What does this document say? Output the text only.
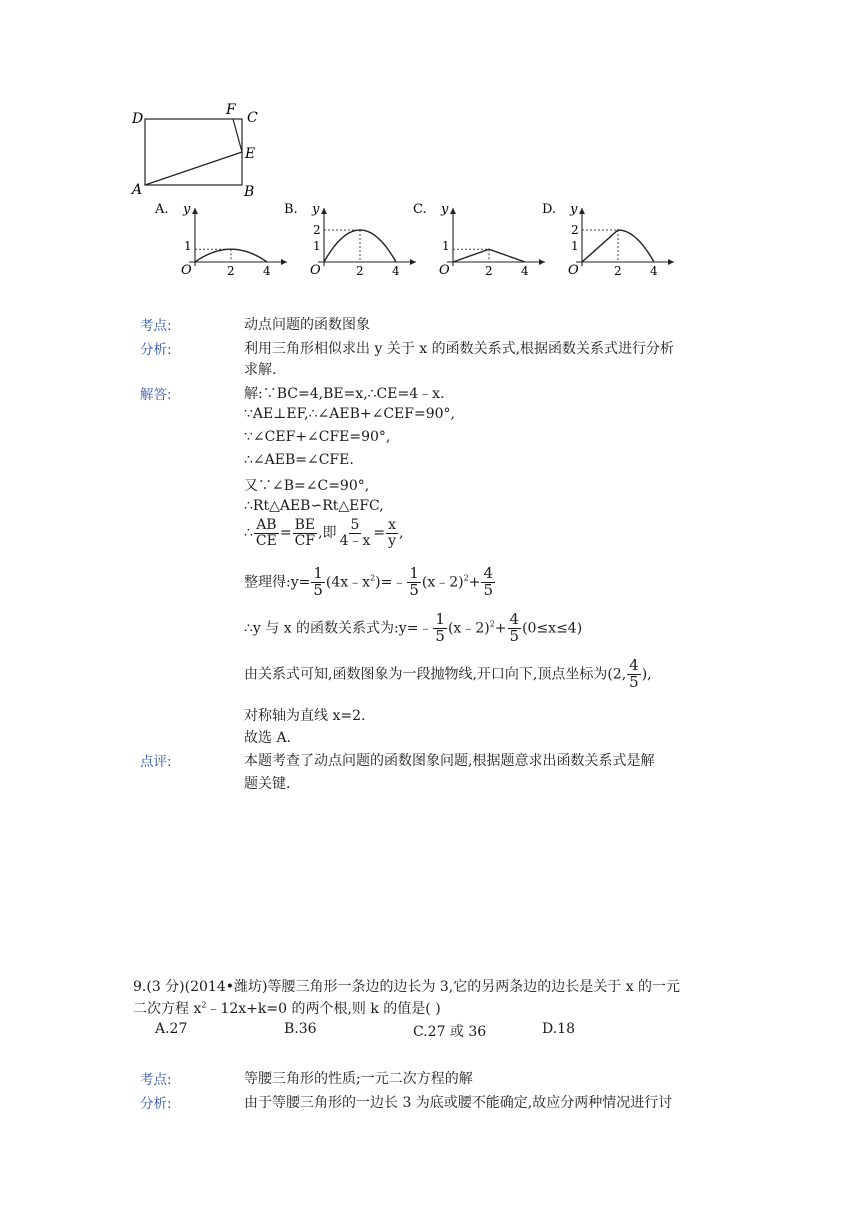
D
F C
E
A	B
A. y
O	2 4
1
B. y
O	2 4
2
1
C. y
O	2 4
1
D. y
O	2 4
2
1
考点:	动点问题的函数图象
分析:	利用三角形相似求出 y 关于 x 的函数关系式,根据函数关系式进行分析
求解.
解答:	解:∵BC=4,BE=x,∴CE=4﹣x.
∵AE⊥EF,∴∠AEB+∠CEF=90°,
∵∠CEF+∠CFE=90°,
∴∠AEB=∠CFE.
又∵∠B=∠C=90°,
∴Rt△AEB∽Rt△EFC,
∴ $\frac{AB}{CE} = \frac{BE}{CF}$ ,即 $\frac{5}{4﹣x} = \frac{x}{y}$ ,
整理得:y= $\frac{1}{5}$ $(4x﹣x^2)=﹣ \frac{1}{5}$ (x﹣2)$^2$+ $\frac{4}{5}$
∴y 与 x 的函数关系式为:y=﹣ $\frac{1}{5}$ (x﹣2)$^2$+ $\frac{4}{5} (0\le x\le 4)$
由关系式可知,函数图象为一段抛物线,开口向下,顶点坐标为(2, $\frac{4}{5}$ ),
对称轴为直线 x=2.
故选 A.
点评:	本题考查了动点问题的函数图象问题,根据题意求出函数关系式是解
题关键.
9.(3 分)(2014•潍坊)等腰三角形一条边的边长为 3,它的另两条边的边长是关于 x 的一元
二次方程 $x^2﹣12x+k=0$ 的两个根,则 k 的值是( )
A.27	B.36	C.27 或 36	D.18
考点:	等腰三角形的性质;一元二次方程的解
分析:	由于等腰三角形的一边长 3 为底或腰不能确定,故应分两种情况进行讨
